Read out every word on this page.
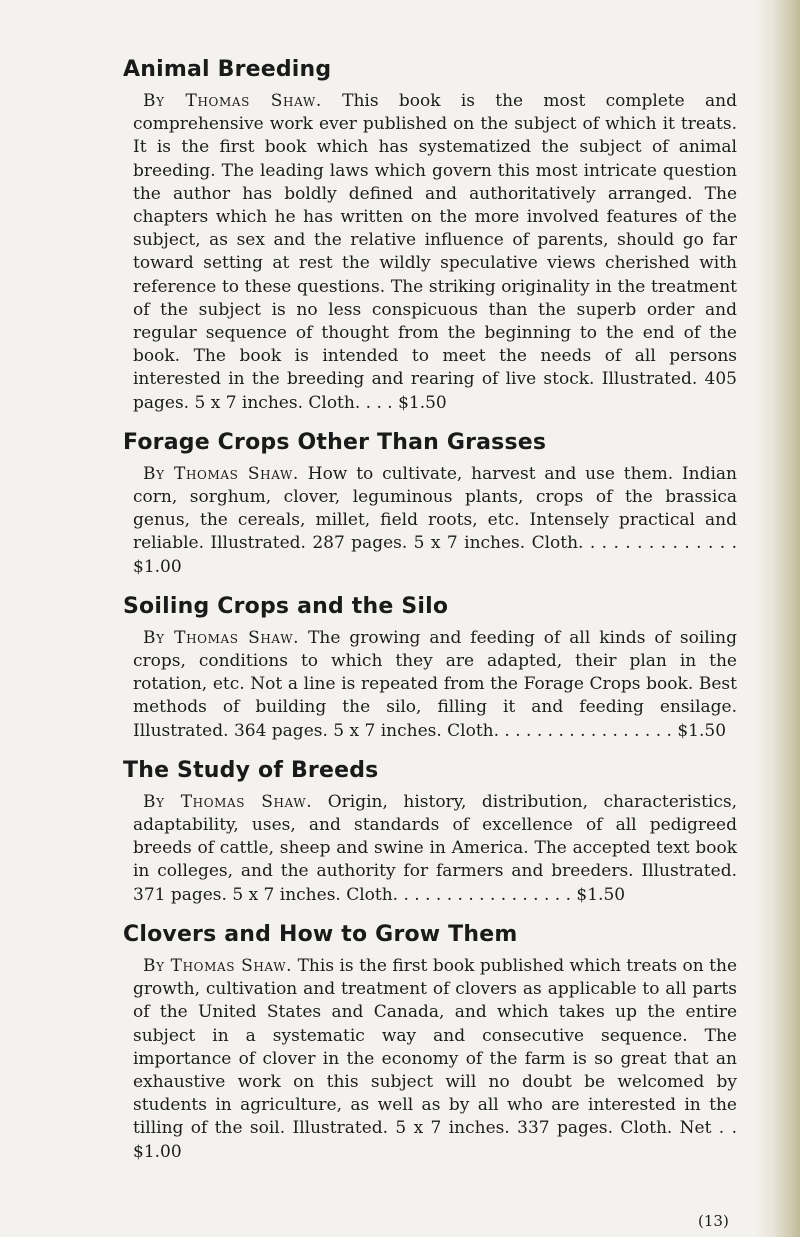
Animal Breeding

By Thomas Shaw. This book is the most complete and comprehensive work ever published on the subject of which it treats. It is the first book which has systematized the subject of animal breeding. The leading laws which govern this most intricate question the author has boldly defined and authoritatively arranged. The chapters which he has written on the more involved features of the subject, as sex and the relative influence of parents, should go far toward setting at rest the wildly speculative views cherished with reference to these questions. The striking originality in the treatment of the subject is no less conspicuous than the superb order and regular sequence of thought from the beginning to the end of the book. The book is intended to meet the needs of all persons interested in the breeding and rearing of live stock. Illustrated. 405 pages. 5 x 7 inches. Cloth. . . . $1.50

Forage Crops Other Than Grasses

By Thomas Shaw. How to cultivate, harvest and use them. Indian corn, sorghum, clover, leguminous plants, crops of the brassica genus, the cereals, millet, field roots, etc. Intensely practical and reliable. Illustrated. 287 pages. 5 x 7 inches. Cloth. . . . . . . . . . . . . . $1.00

Soiling Crops and the Silo

By Thomas Shaw. The growing and feeding of all kinds of soiling crops, conditions to which they are adapted, their plan in the rotation, etc. Not a line is repeated from the Forage Crops book. Best methods of building the silo, filling it and feeding ensilage. Illustrated. 364 pages. 5 x 7 inches. Cloth. . . . . . . . . . . . . . . . . $1.50

The Study of Breeds

By Thomas Shaw. Origin, history, distribution, characteristics, adaptability, uses, and standards of excellence of all pedigreed breeds of cattle, sheep and swine in America. The accepted text book in colleges, and the authority for farmers and breeders. Illustrated. 371 pages. 5 x 7 inches. Cloth. . . . . . . . . . . . . . . . . $1.50

Clovers and How to Grow Them

By Thomas Shaw. This is the first book published which treats on the growth, cultivation and treatment of clovers as applicable to all parts of the United States and Canada, and which takes up the entire subject in a systematic way and consecutive sequence. The importance of clover in the economy of the farm is so great that an exhaustive work on this subject will no doubt be welcomed by students in agriculture, as well as by all who are interested in the tilling of the soil. Illustrated. 5 x 7 inches. 337 pages. Cloth. Net . . $1.00

(13)
